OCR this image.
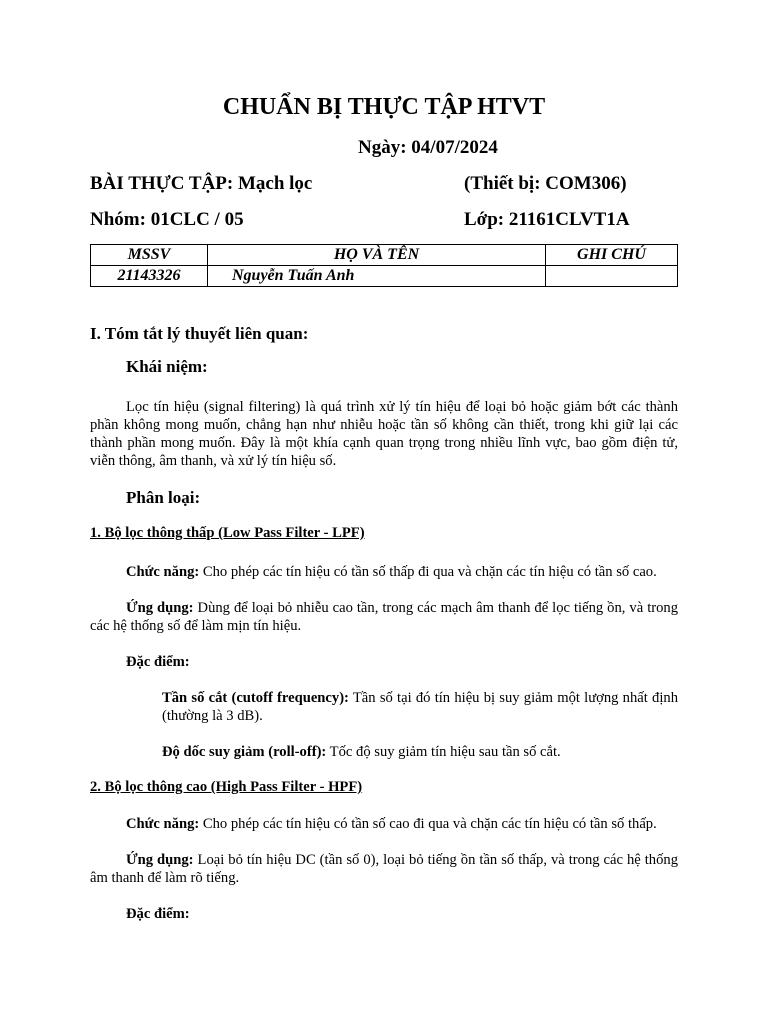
CHUẨN BỊ THỰC TẬP HTVT
Ngày: 04/07/2024
BÀI THỰC TẬP: Mạch lọc	(Thiết bị: COM306)
Nhóm: 01CLC / 05	Lớp: 21161CLVT1A
MSSV	HỌ VÀ TÊN	GHI CHÚ
21143326	Nguyễn Tuấn Anh	
I. Tóm tắt lý thuyết liên quan:
Khái niệm:
Lọc tín hiệu (signal filtering) là quá trình xử lý tín hiệu để loại bỏ hoặc giảm bớt các thành phần không mong muốn, chẳng hạn như nhiễu hoặc tần số không cần thiết, trong khi giữ lại các thành phần mong muốn. Đây là một khía cạnh quan trọng trong nhiều lĩnh vực, bao gồm điện tử, viễn thông, âm thanh, và xử lý tín hiệu số.
Phân loại:
1. Bộ lọc thông thấp (Low Pass Filter - LPF)
Chức năng: Cho phép các tín hiệu có tần số thấp đi qua và chặn các tín hiệu có tần số cao.
Ứng dụng: Dùng để loại bỏ nhiễu cao tần, trong các mạch âm thanh để lọc tiếng ồn, và trong các hệ thống số để làm mịn tín hiệu.
Đặc điểm:
Tần số cắt (cutoff frequency): Tần số tại đó tín hiệu bị suy giảm một lượng nhất định (thường là 3 dB).
Độ dốc suy giảm (roll-off): Tốc độ suy giảm tín hiệu sau tần số cắt.
2. Bộ lọc thông cao (High Pass Filter - HPF)
Chức năng: Cho phép các tín hiệu có tần số cao đi qua và chặn các tín hiệu có tần số thấp.
Ứng dụng: Loại bỏ tín hiệu DC (tần số 0), loại bỏ tiếng ồn tần số thấp, và trong các hệ thống âm thanh để làm rõ tiếng.
Đặc điểm:
